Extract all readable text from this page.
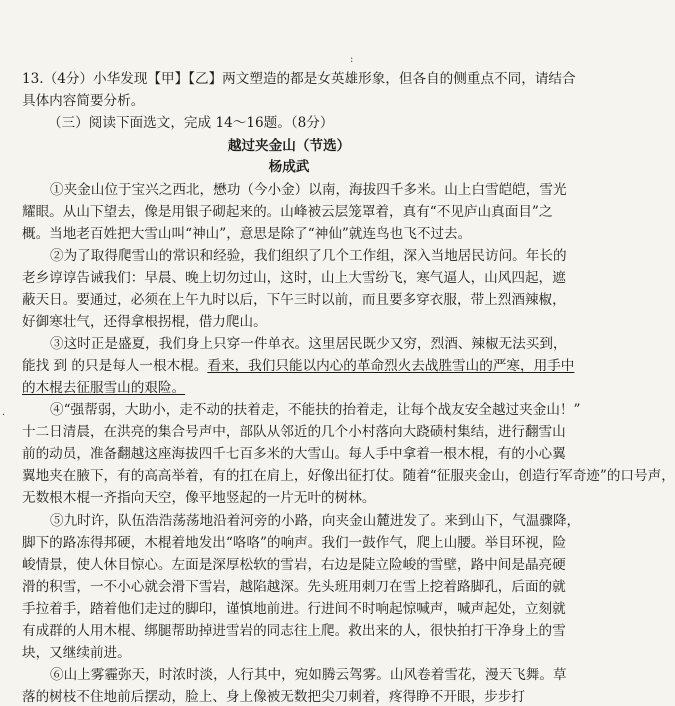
:
·
13.（4分）小华发现【甲】【乙】两文塑造的都是女英雄形象，但各自的侧重点不同，请结合
具体内容简要分析。
（三）阅读下面选文，完成 14～16题。（8分）
越过夹金山（节选）
杨成武
①夹金山位于宝兴之西北，懋功（今小金）以南，海拔四千多米。山上白雪皑皑，雪光
耀眼。从山下望去，像是用银子砌起来的。山峰被云层笼罩着，真有“不见庐山真面目”之
概。当地老百姓把大雪山叫“神山”，意思是除了“神仙”就连鸟也飞不过去。
②为了取得爬雪山的常识和经验，我们组织了几个工作组，深入当地居民访问。年长的
老乡谆谆告诫我们：早晨、晚上切勿过山，这时，山上大雪纷飞，寒气逼人，山风四起，遮
蔽天日。要通过，必须在上午九时以后，下午三时以前，而且要多穿衣服，带上烈酒辣椒，
好御寒壮气，还得拿根拐棍，借力爬山。
③这时正是盛夏，我们身上只穿一件单衣。这里居民既少又穷，烈酒、辣椒无法买到，
能找 到 的只是每人一根木棍。看来，我们只能以内心的革命烈火去战胜雪山的严寒，用手中
的木棍去征服雪山的艰险。
④“强帮弱，大助小，走不动的扶着走，不能扶的抬着走，让每个战友安全越过夹金山！”
十二日清晨，在洪亮的集合号声中，部队从邻近的几个小村落向大跷碛村集结，进行翻雪山
前的动员，准备翻越这座海拔四千七百多米的大雪山。每人手中拿着一根木棍，有的小心翼
翼地夹在腋下，有的高高举着，有的扛在肩上，好像出征打仗。随着“征服夹金山，创造行军奇迹”的口号声，
无数根木棍一齐指向天空，像平地竖起的一片无叶的树林。
⑤九时许，队伍浩浩荡荡地沿着河旁的小路，向夹金山麓进发了。来到山下，气温骤降，
脚下的路冻得邦硬，木棍着地发出“咯咯”的响声。我们一鼓作气，爬上山腰。举目环视，险
峻情景，使人休目惊心。左面是深厚松软的雪岩，右边是陡立险峻的雪壁，路中间是晶亮硬
滑的积雪，一不小心就会滑下雪岩，越陷越深。先头班用刺刀在雪上挖着路脚孔，后面的就
手拉着手，踏着他们走过的脚印，谨慎地前进。行进间不时响起惊喊声，喊声起处，立刻就
有成群的人用木棍、绑腿帮助掉进雪岩的同志往上爬。救出来的人，很快拍打干净身上的雪
块，又继续前进。
⑥山上雾霾弥天，时浓时淡，人行其中，宛如腾云驾雾。山风卷着雪花，漫天飞舞。草
落的树枝不住地前后摆动，脸上、身上像被无数把尖刀刺着，疼得睁不开眼，步步打
